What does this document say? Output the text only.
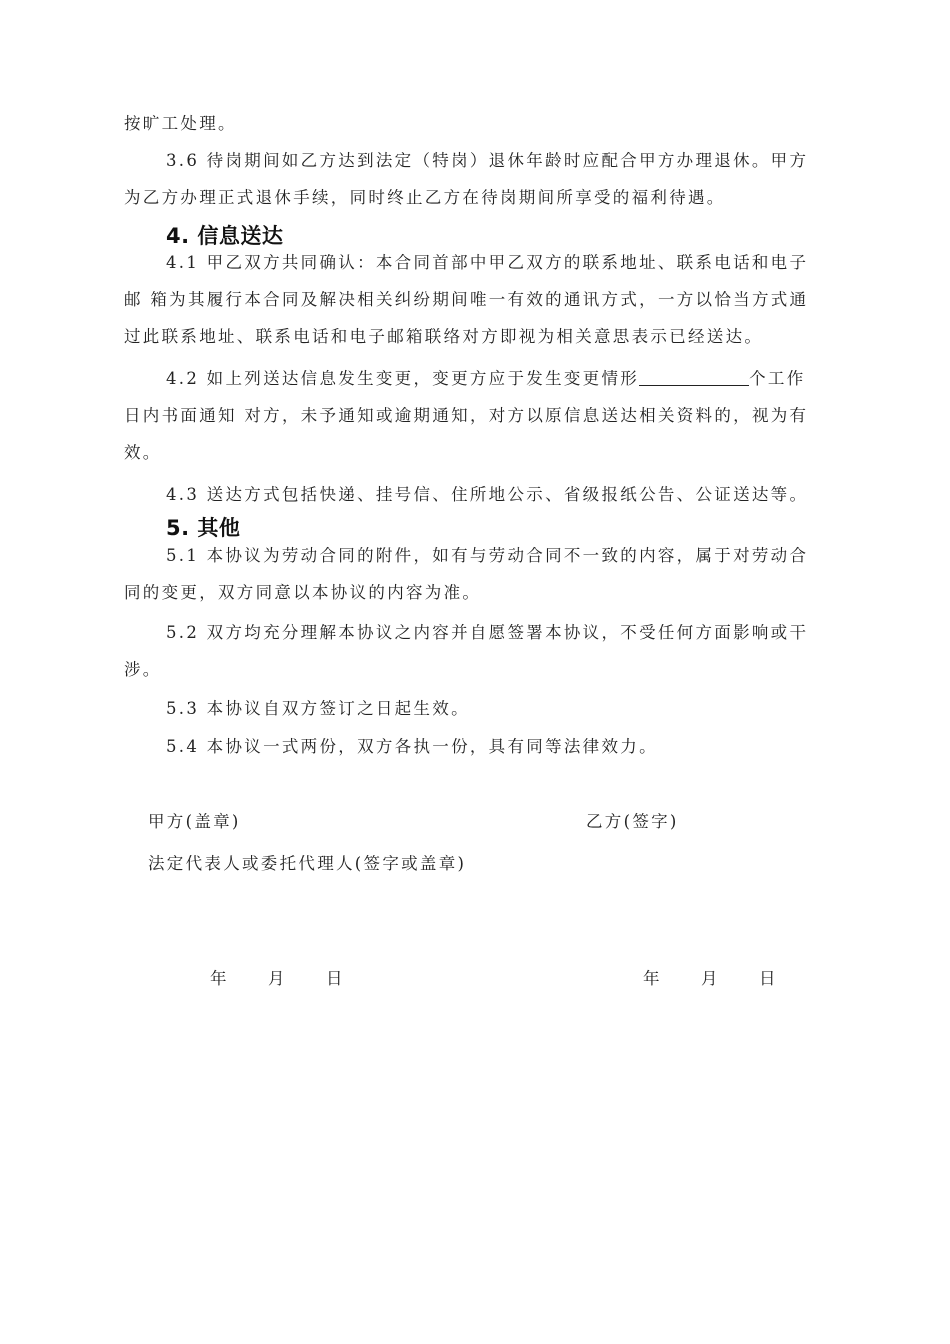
按旷工处理。

3.6 待岗期间如乙方达到法定（特岗）退休年龄时应配合甲方办理退休。甲方为乙方办理正式退休手续，同时终止乙方在待岗期间所享受的福利待遇。

4. 信息送达

4.1 甲乙双方共同确认：本合同首部中甲乙双方的联系地址、联系电话和电子邮 箱为其履行本合同及解决相关纠纷期间唯一有效的通讯方式，一方以恰当方式通过此联系地址、联系电话和电子邮箱联络对方即视为相关意思表示已经送达。

4.2 如上列送达信息发生变更，变更方应于发生变更情形	个工作日内书面通知 对方，未予通知或逾期通知，对方以原信息送达相关资料的，视为有效。

4.3 送达方式包括快递、挂号信、住所地公示、省级报纸公告、公证送达等。

5. 其他

5.1 本协议为劳动合同的附件，如有与劳动合同不一致的内容，属于对劳动合同的变更，双方同意以本协议的内容为准。

5.2 双方均充分理解本协议之内容并自愿签署本协议，不受任何方面影响或干涉。

5.3 本协议自双方签订之日起生效。

5.4 本协议一式两份，双方各执一份，具有同等法律效力。

甲方(盖章)	乙方(签字)
法定代表人或委托代理人(签字或盖章)
年	月	日	年	月	日
